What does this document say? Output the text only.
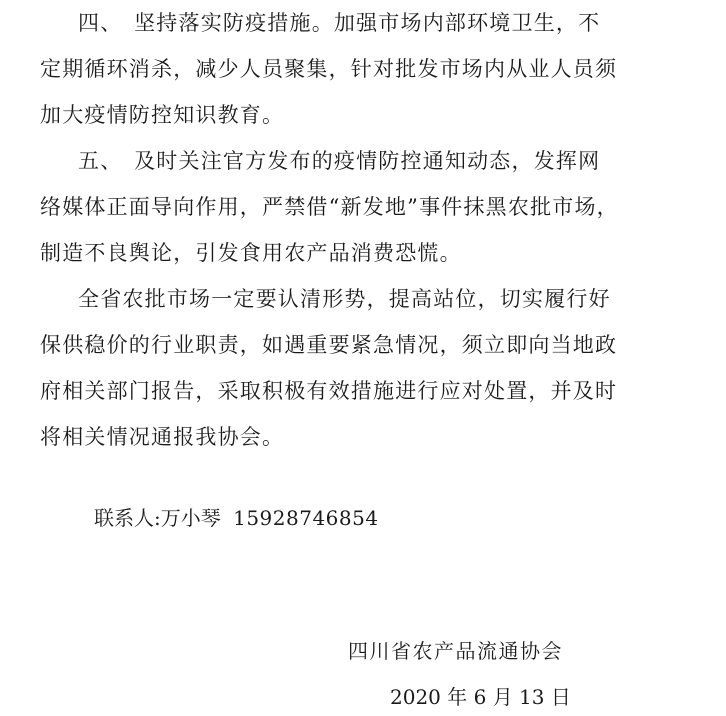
四、　坚持落实防疫措施。加强市场内部环境卫生，不
定期循环消杀，减少人员聚集，针对批发市场内从业人员须
加大疫情防控知识教育。
五、　及时关注官方发布的疫情防控通知动态，发挥网
络媒体正面导向作用，严禁借“新发地”事件抹黑农批市场，
制造不良舆论，引发食用农产品消费恐慌。
全省农批市场一定要认清形势，提高站位，切实履行好
保供稳价的行业职责，如遇重要紧急情况，须立即向当地政
府相关部门报告，采取积极有效措施进行应对处置，并及时
将相关情况通报我协会。
联系人:万小琴 15928746854
四川省农产品流通协会
2020 年 6 月 13 日
